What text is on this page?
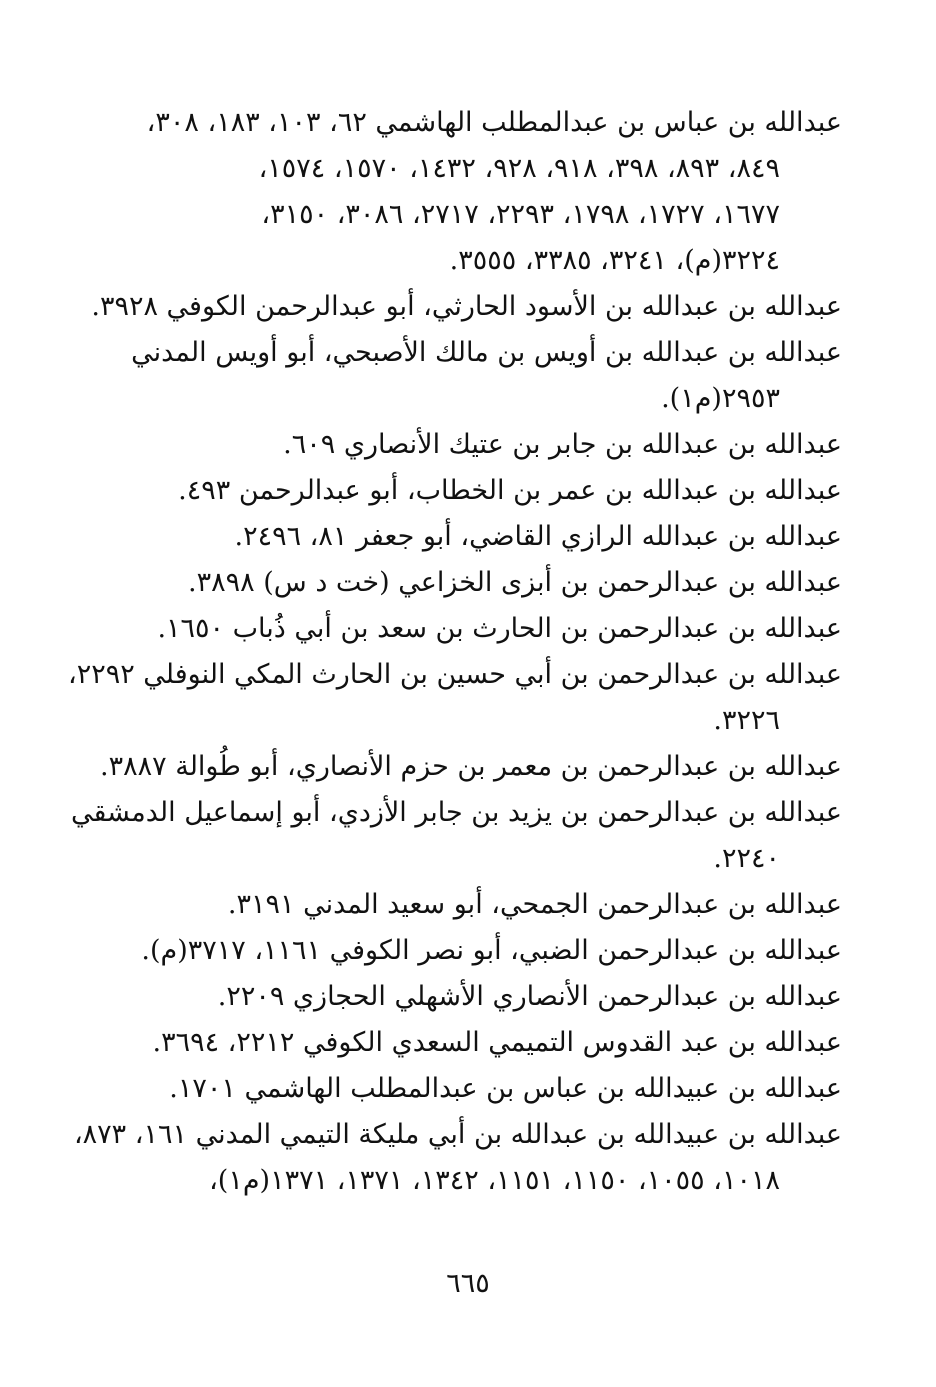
عبدالله بن عباس بن عبدالمطلب الهاشمي ٦٢، ١٠٣، ١٨٣، ٣٠٨،
٨٤٩، ٨٩٣، ٣٩٨، ٩١٨، ٩٢٨، ١٤٣٢، ١٥٧٠، ١٥٧٤،
١٦٧٧، ١٧٢٧، ١٧٩٨، ٢٢٩٣، ٢٧١٧، ٣٠٨٦، ٣١٥٠،
٣٢٢٤(م)، ٣٢٤١، ٣٣٨٥، ٣٥٥٥.
عبدالله بن عبدالله بن الأسود الحارثي، أبو عبدالرحمن الكوفي ٣٩٢٨.
عبدالله بن عبدالله بن أويس بن مالك الأصبحي، أبو أويس المدني
٢٩٥٣(م١).
عبدالله بن عبدالله بن جابر بن عتيك الأنصاري ٦٠٩.
عبدالله بن عبدالله بن عمر بن الخطاب، أبو عبدالرحمن ٤٩٣.
عبدالله بن عبدالله الرازي القاضي، أبو جعفر ٨١، ٢٤٩٦.
عبدالله بن عبدالرحمن بن أبزى الخزاعي (خت د س) ٣٨٩٨.
عبدالله بن عبدالرحمن بن الحارث بن سعد بن أبي ذُباب ١٦٥٠.
عبدالله بن عبدالرحمن بن أبي حسين بن الحارث المكي النوفلي ٢٢٩٢،
٣٢٢٦.
عبدالله بن عبدالرحمن بن معمر بن حزم الأنصاري، أبو طُوالة ٣٨٨٧.
عبدالله بن عبدالرحمن بن يزيد بن جابر الأزدي، أبو إسماعيل الدمشقي
٢٢٤٠.
عبدالله بن عبدالرحمن الجمحي، أبو سعيد المدني ٣١٩١.
عبدالله بن عبدالرحمن الضبي، أبو نصر الكوفي ١١٦١، ٣٧١٧(م).
عبدالله بن عبدالرحمن الأنصاري الأشهلي الحجازي ٢٢٠٩.
عبدالله بن عبد القدوس التميمي السعدي الكوفي ٢٢١٢، ٣٦٩٤.
عبدالله بن عبيدالله بن عباس بن عبدالمطلب الهاشمي ١٧٠١.
عبدالله بن عبيدالله بن عبدالله بن أبي مليكة التيمي المدني ١٦١، ٨٧٣،
١٠١٨، ١٠٥٥، ١١٥٠، ١١٥١، ١٣٤٢، ١٣٧١، ١٣٧١(م١)،
٦٦٥
